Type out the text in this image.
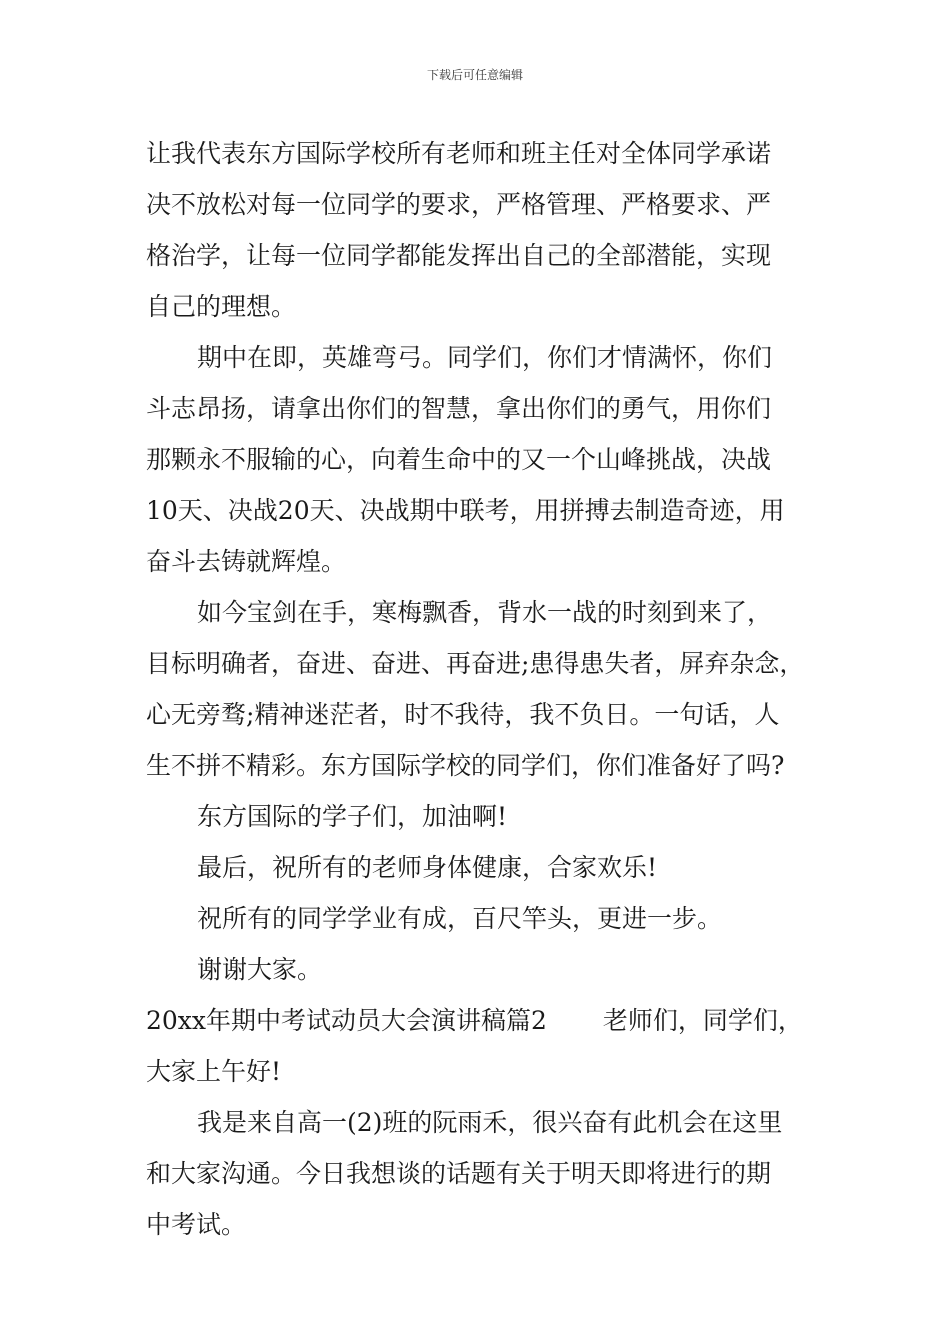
下载后可任意编辑
让我代表东方国际学校所有老师和班主任对全体同学承诺
决不放松对每一位同学的要求，严格管理、严格要求、严
格治学，让每一位同学都能发挥出自己的全部潜能，实现
自己的理想。
期中在即，英雄弯弓。同学们，你们才情满怀，你们
斗志昂扬，请拿出你们的智慧，拿出你们的勇气，用你们
那颗永不服输的心，向着生命中的又一个山峰挑战，决战
10天、决战20天、决战期中联考，用拼搏去制造奇迹，用
奋斗去铸就辉煌。
如今宝剑在手，寒梅飘香，背水一战的时刻到来了，
目标明确者，奋进、奋进、再奋进;患得患失者，屏弃杂念，
心无旁骛;精神迷茫者，时不我待，我不负日。一句话，人
生不拼不精彩。东方国际学校的同学们，你们准备好了吗?
东方国际的学子们，加油啊!
最后，祝所有的老师身体健康，合家欢乐!
祝所有的同学学业有成，百尺竿头，更进一步。
谢谢大家。
20xx年期中考试动员大会演讲稿篇2 老师们，同学们，
大家上午好!
我是来自高一(2)班的阮雨禾，很兴奋有此机会在这里
和大家沟通。今日我想谈的话题有关于明天即将进行的期
中考试。
